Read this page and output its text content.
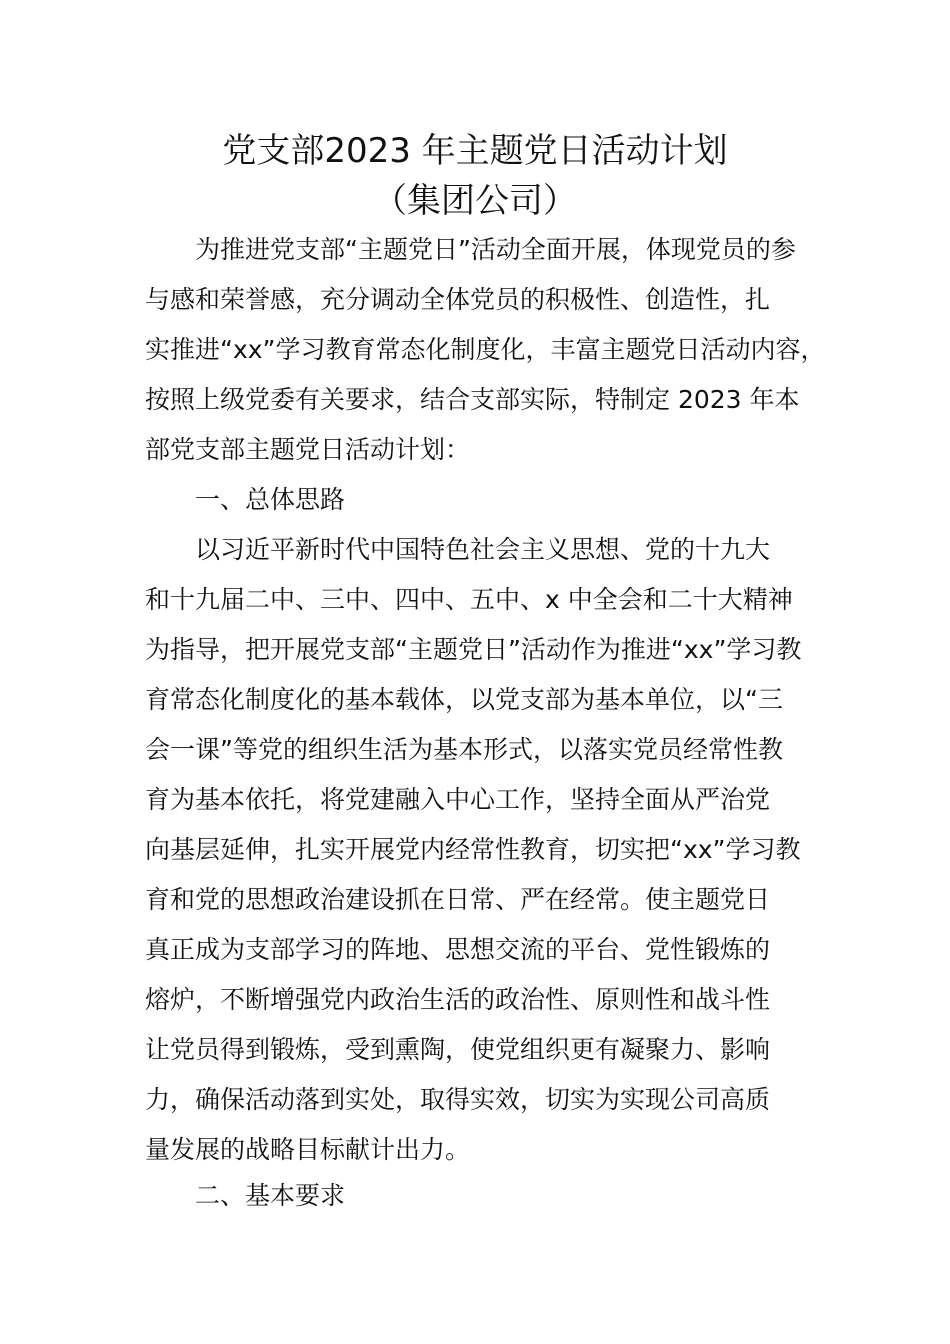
党支部2023 年主题党日活动计划
（集团公司）
为推进党支部“主题党日”活动全面开展，体现党员的参
与感和荣誉感，充分调动全体党员的积极性、创造性，扎
实推进“xx”学习教育常态化制度化，丰富主题党日活动内容，
按照上级党委有关要求，结合支部实际，特制定 2023 年本
部党支部主题党日活动计划：
一、总体思路
以习近平新时代中国特色社会主义思想、党的十九大
和十九届二中、三中、四中、五中、x 中全会和二十大精神
为指导，把开展党支部“主题党日”活动作为推进“xx”学习教
育常态化制度化的基本载体，以党支部为基本单位，以“三
会一课”等党的组织生活为基本形式，以落实党员经常性教
育为基本依托，将党建融入中心工作，坚持全面从严治党
向基层延伸，扎实开展党内经常性教育，切实把“xx”学习教
育和党的思想政治建设抓在日常、严在经常。使主题党日
真正成为支部学习的阵地、思想交流的平台、党性锻炼的
熔炉，不断增强党内政治生活的政治性、原则性和战斗性
让党员得到锻炼，受到熏陶，使党组织更有凝聚力、影响
力，确保活动落到实处，取得实效，切实为实现公司高质
量发展的战略目标献计出力。
二、基本要求
